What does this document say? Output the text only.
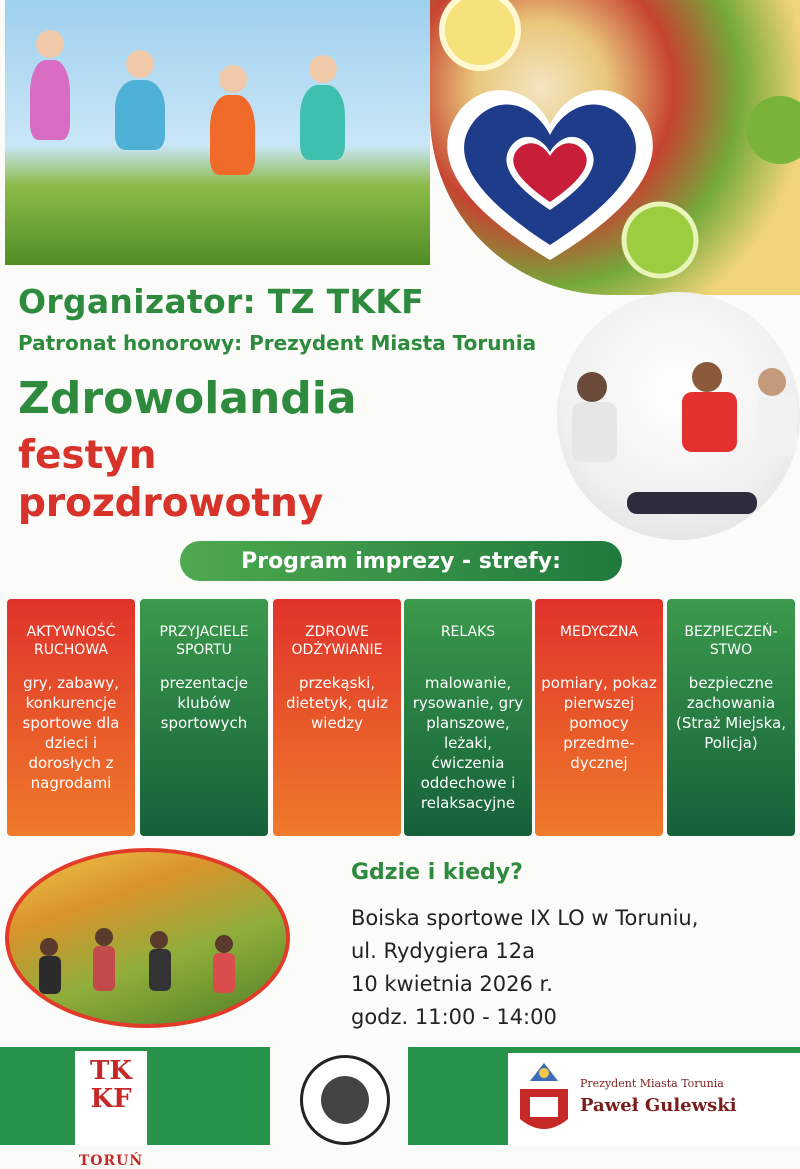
Organizator: TZ TKKF
Patronat honorowy: Prezydent Miasta Torunia
Zdrowolandia
festyn
prozdrowotny
Program imprezy - strefy:
AKTYWNOŚĆ RUCHOWA
gry, zabawy, konkurencje sportowe dla dzieci i dorosłych z nagrodami
PRZYJACIELE SPORTU
prezentacje klubów sportowych
ZDROWE ODŻYWIANIE
przekąski, dietetyk, quiz wiedzy
RELAKS
malowanie, rysowanie, gry planszowe, leżaki, ćwiczenia oddechowe i relaksacyjne
MEDYCZNA
pomiary, pokaz pierwszej pomocy przedme-dycznej
BEZPIECZEŃ-STWO
bezpieczne zachowania (Straż Miejska, Policja)
Gdzie i kiedy?
Boiska sportowe IX LO w Toruniu,
ul. Rydygiera 12a
10 kwietnia 2026 r.
godz. 11:00 - 14:00
TK KF
TORUŃ
Prezydent Miasta Torunia
Paweł Gulewski
